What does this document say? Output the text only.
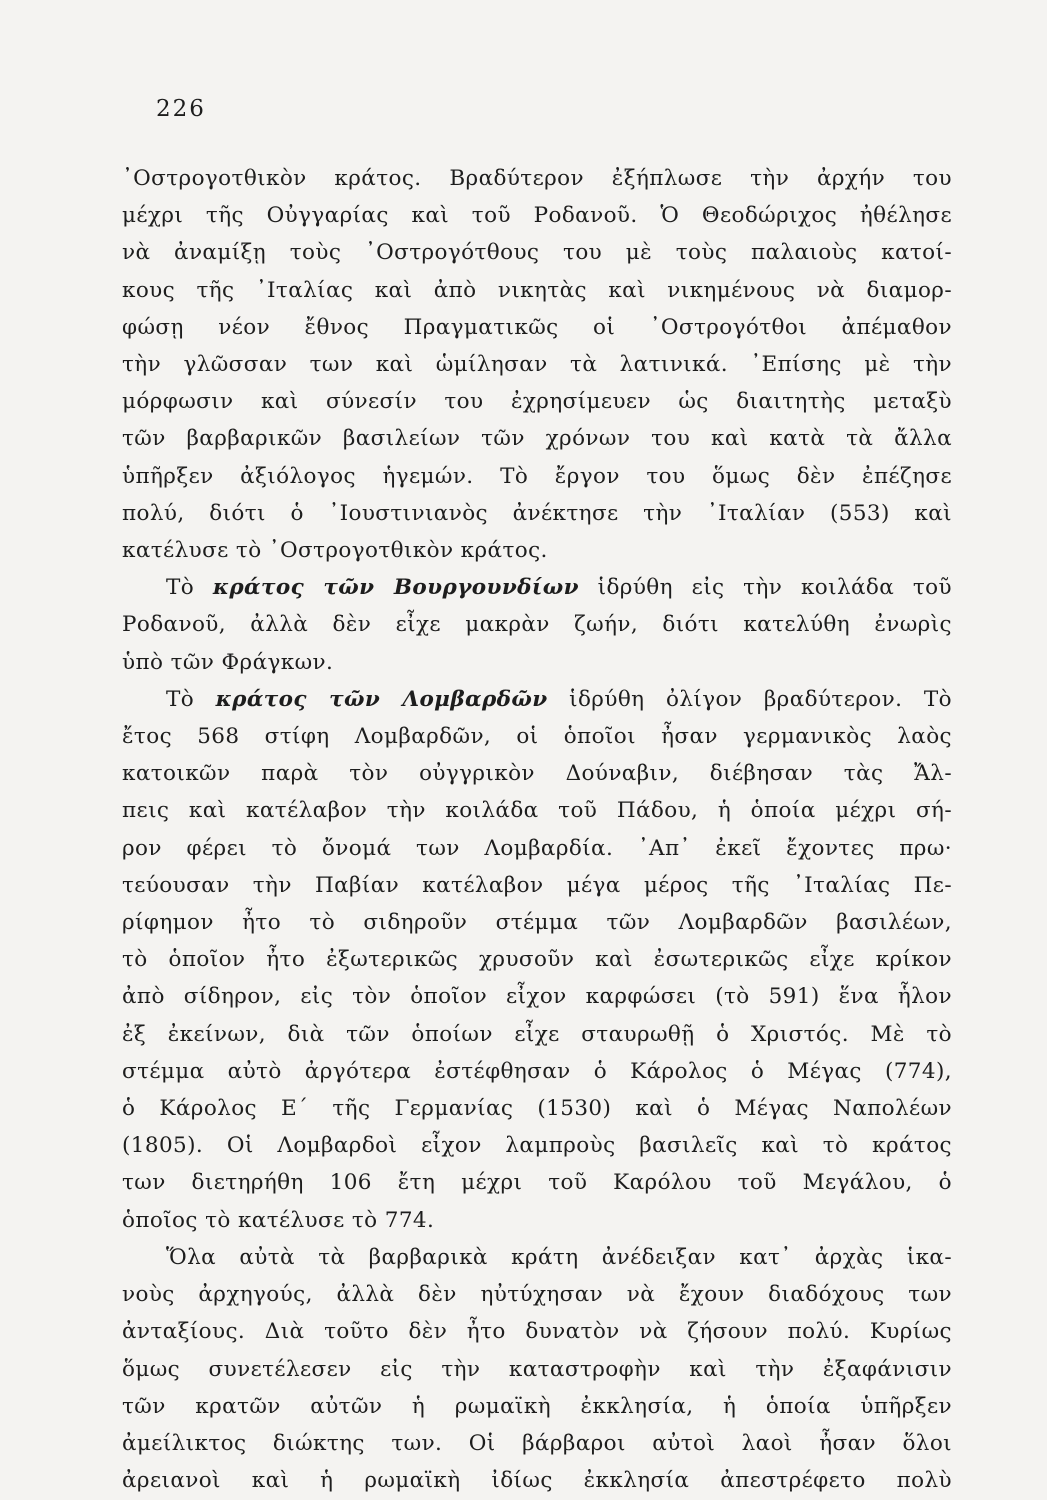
226
᾿Οστρογοτθικὸν κράτος. Βραδύτερον ἐξήπλωσε τὴν ἀρχήν του
μέχρι τῆς Οὐγγαρίας καὶ τοῦ Ροδανοῦ. Ὁ Θεοδώριχος ἠθέλησε
νὰ ἀναμίξῃ τοὺς ᾿Οστρογότθους του μὲ τοὺς παλαιοὺς κατοί-
κους τῆς ᾿Ιταλίας καὶ ἀπὸ νικητὰς καὶ νικημένους νὰ διαμορ-
φώσῃ νέον ἔθνος Πραγματικῶς οἱ ᾿Οστρογότθοι ἀπέμαθον
τὴν γλῶσσαν των καὶ ὡμίλησαν τὰ λατινικά. ᾿Επίσης μὲ τὴν
μόρφωσιν καὶ σύνεσίν του ἐχρησίμευεν ὡς διαιτητὴς μεταξὺ
τῶν βαρβαρικῶν βασιλείων τῶν χρόνων του καὶ κατὰ τὰ ἄλλα
ὑπῆρξεν ἀξιόλογος ἡγεμών. Τὸ ἔργον του ὅμως δὲν ἐπέζησε
πολύ, διότι ὁ ᾿Ιουστινιανὸς ἀνέκτησε τὴν ᾿Ιταλίαν (553) καὶ
κατέλυσε τὸ ᾿Οστρογοτθικὸν κράτος.
Τὸ κράτος τῶν Βουργουνδίων ἱδρύθη εἰς τὴν κοιλάδα τοῦ
Ροδανοῦ, ἀλλὰ δὲν εἶχε μακρὰν ζωήν, διότι κατελύθη ἐνωρὶς
ὑπὸ τῶν Φράγκων.
Τὸ κράτος τῶν Λομβαρδῶν ἱδρύθη ὀλίγον βραδύτερον. Τὸ
ἔτος 568 στίφη Λομβαρδῶν, οἱ ὁποῖοι ἦσαν γερμανικὸς λαὸς
κατοικῶν παρὰ τὸν οὐγγρικὸν Δούναβιν, διέβησαν τὰς Ἄλ-
πεις καὶ κατέλαβον τὴν κοιλάδα τοῦ Πάδου, ἡ ὁποία μέχρι σή-
ρον φέρει τὸ ὄνομά των Λομβαρδία. ᾿Απ᾿ ἐκεῖ ἔχοντες πρω·
τεύουσαν τὴν Παβίαν κατέλαβον μέγα μέρος τῆς ᾿Ιταλίας Πε-
ρίφημον ἦτο τὸ σιδηροῦν στέμμα τῶν Λομβαρδῶν βασιλέων,
τὸ ὁποῖον ἦτο ἐξωτερικῶς χρυσοῦν καὶ ἐσωτερικῶς εἶχε κρίκον
ἀπὸ σίδηρον, εἰς τὸν ὁποῖον εἶχον καρφώσει (τὸ 591) ἕνα ἧλον
ἐξ ἐκείνων, διὰ τῶν ὁποίων εἶχε σταυρωθῇ ὁ Χριστός. Μὲ τὸ
στέμμα αὐτὸ ἀργότερα ἐστέφθησαν ὁ Κάρολος ὁ Μέγας (774),
ὁ Κάρολος Ε΄ τῆς Γερμανίας (1530) καὶ ὁ Μέγας Ναπολέων
(1805). Οἱ Λομβαρδοὶ εἶχον λαμπροὺς βασιλεῖς καὶ τὸ κράτος
των διετηρήθη 106 ἔτη μέχρι τοῦ Καρόλου τοῦ Μεγάλου, ὁ
ὁποῖος τὸ κατέλυσε τὸ 774.
Ὅλα αὐτὰ τὰ βαρβαρικὰ κράτη ἀνέδειξαν κατ᾿ ἀρχὰς ἱκα-
νοὺς ἀρχηγούς, ἀλλὰ δὲν ηὐτύχησαν νὰ ἔχουν διαδόχους των
ἀνταξίους. Διὰ τοῦτο δὲν ἦτο δυνατὸν νὰ ζήσουν πολύ. Κυρίως
ὅμως συνετέλεσεν εἰς τὴν καταστροφὴν καὶ τὴν ἐξαφάνισιν
τῶν κρατῶν αὐτῶν ἡ ρωμαϊκὴ ἐκκλησία, ἡ ὁποία ὑπῆρξεν
ἀμείλικτος διώκτης των. Οἱ βάρβαροι αὐτοὶ λαοὶ ἦσαν ὅλοι
ἀρειανοὶ καὶ ἡ ρωμαϊκὴ ἰδίως ἐκκλησία ἀπεστρέφετο πολὺ
